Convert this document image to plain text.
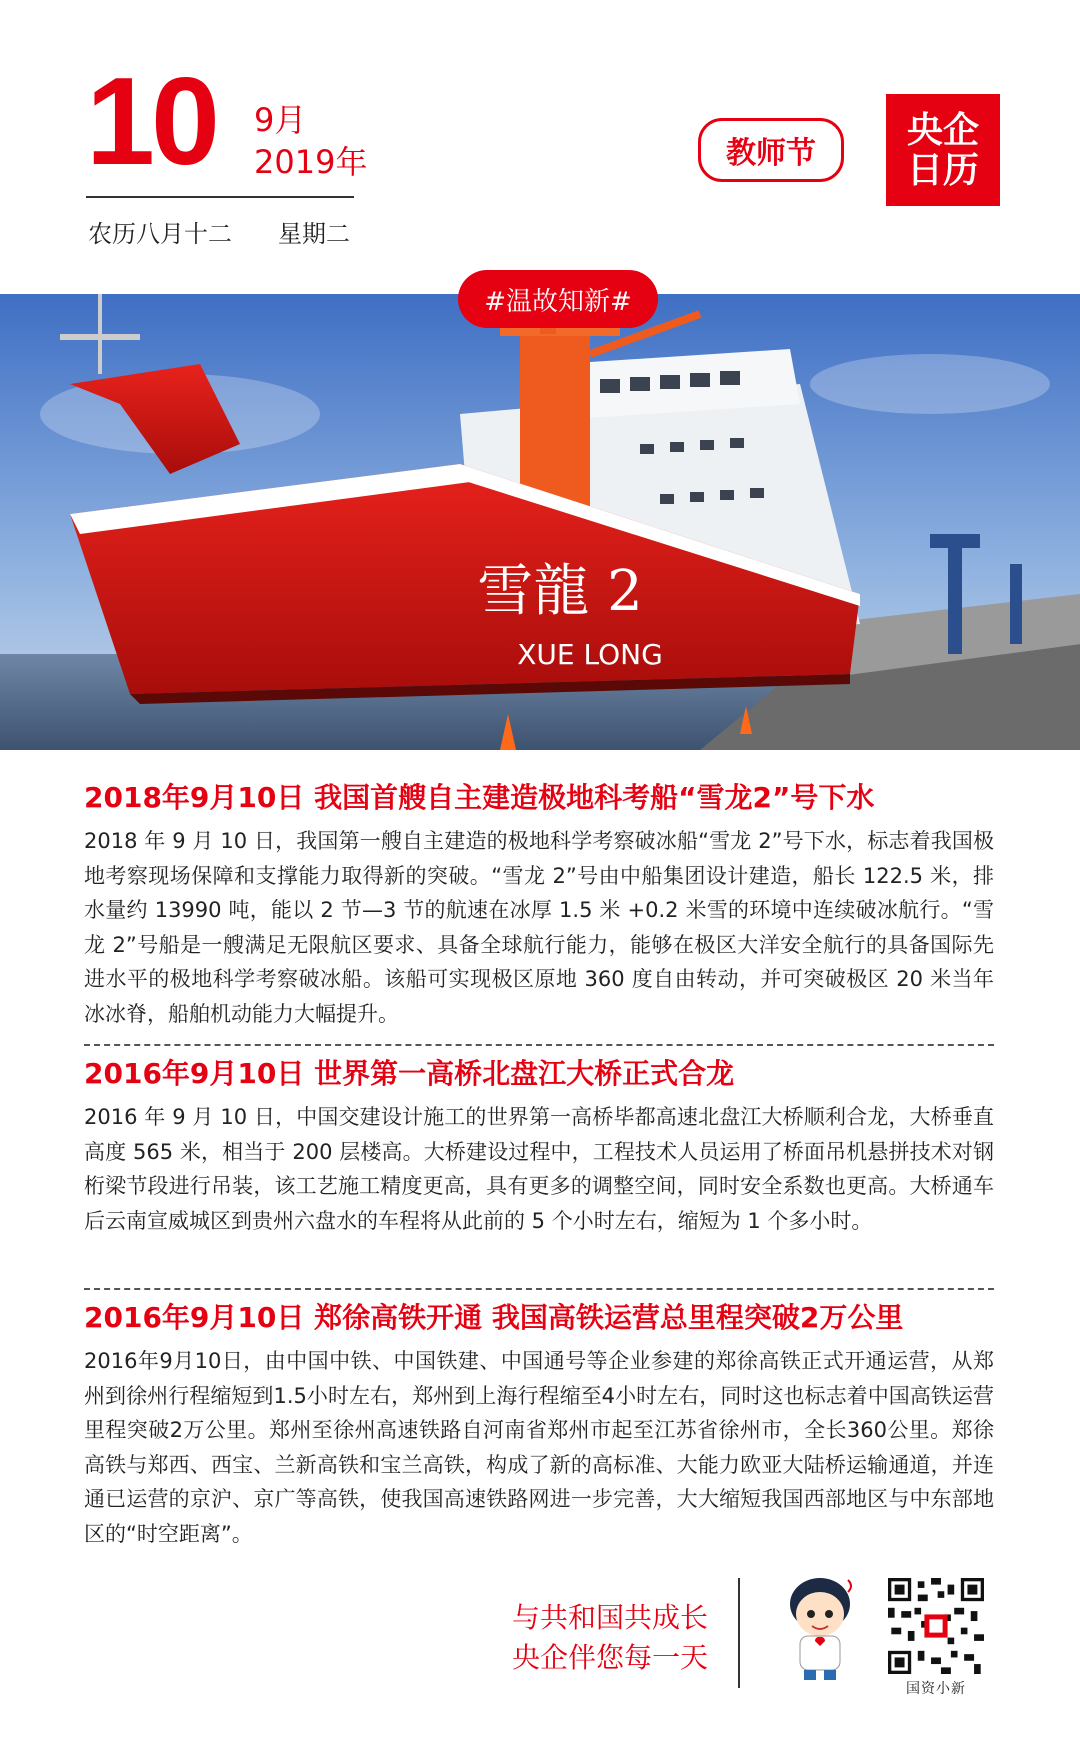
10 9月
2019年
农历八月十二 星期二
教师节
央企
日历
#温故知新#
雪龍 2
XUE LONG
2018年9月10日 我国首艘自主建造极地科考船“雪龙2”号下水
2018 年 9 月 10 日，我国第一艘自主建造的极地科学考察破冰船“雪龙 2”号下水，标志着我国极地考察现场保障和支撑能力取得新的突破。“雪龙 2”号由中船集团设计建造，船长 122.5 米，排水量约 13990 吨，能以 2 节—3 节的航速在冰厚 1.5 米 +0.2 米雪的环境中连续破冰航行。“雪龙 2”号船是一艘满足无限航区要求、具备全球航行能力，能够在极区大洋安全航行的具备国际先进水平的极地科学考察破冰船。该船可实现极区原地 360 度自由转动，并可突破极区 20 米当年冰冰脊，船舶机动能力大幅提升。
2016年9月10日 世界第一高桥北盘江大桥正式合龙
2016 年 9 月 10 日，中国交建设计施工的世界第一高桥毕都高速北盘江大桥顺利合龙，大桥垂直高度 565 米，相当于 200 层楼高。大桥建设过程中，工程技术人员运用了桥面吊机悬拼技术对钢桁梁节段进行吊装，该工艺施工精度更高，具有更多的调整空间，同时安全系数也更高。大桥通车后云南宣威城区到贵州六盘水的车程将从此前的 5 个小时左右，缩短为 1 个多小时。
2016年9月10日 郑徐高铁开通 我国高铁运营总里程突破2万公里
2016年9月10日，由中国中铁、中国铁建、中国通号等企业参建的郑徐高铁正式开通运营，从郑州到徐州行程缩短到1.5小时左右，郑州到上海行程缩至4小时左右，同时这也标志着中国高铁运营里程突破2万公里。郑州至徐州高速铁路自河南省郑州市起至江苏省徐州市，全长360公里。郑徐高铁与郑西、西宝、兰新高铁和宝兰高铁，构成了新的高标准、大能力欧亚大陆桥运输通道，并连通已运营的京沪、京广等高铁，使我国高速铁路网进一步完善，大大缩短我国西部地区与中东部地区的“时空距离”。
与共和国共成长
央企伴您每一天
国资小新
